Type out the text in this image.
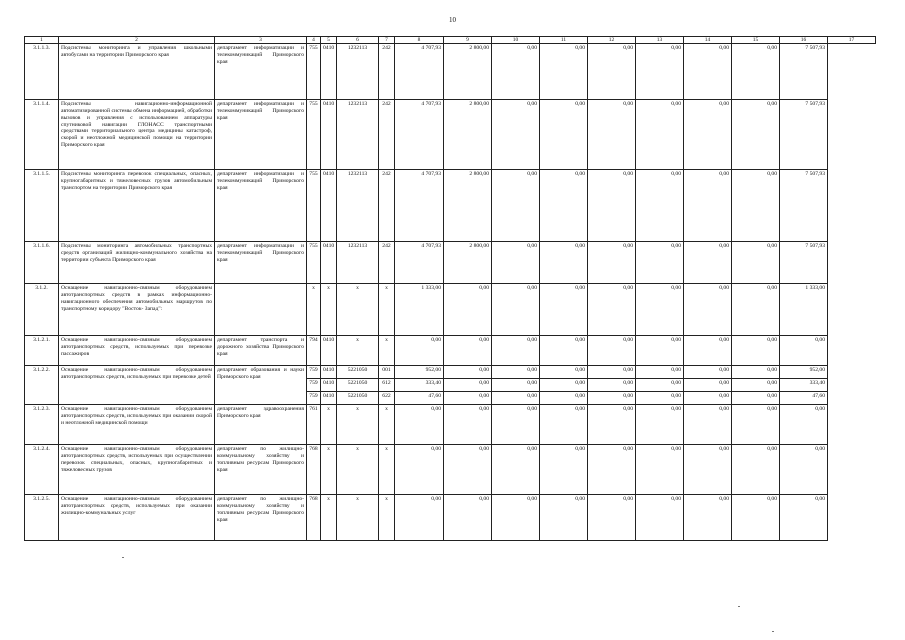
10
1	2	3	4	5	6	7	8	9	10	11	12	13	14	15	16	17
3.1.1.3.	Подсистемы мониторинга и управления школьными автобусами на территории Приморского края	департамент информатизации и телекоммуникаций Приморского края	755	0410	1232113	242	4 707,93	2 800,00	0,00	0,00	0,00	0,00	0,00	0,00	7 507,93	
3.1.1.4.	Подсистемы навигационно-информационной автоматизированной системы обмена информацией, обработки вызовов и управления с использованием аппаратуры спутниковой навигации ГЛОНАСС транспортными средствами территориального центра медицины катастроф, скорой и неотложной медицинской помощи на территории Приморского края	департамент информатизации и телекоммуникаций Приморского края	755	0410	1232113	242	4 707,93	2 800,00	0,00	0,00	0,00	0,00	0,00	0,00	7 507,93	
3.1.1.5.	Подсистемы мониторинга перевозок специальных, опасных, крупногабаритных и тяжеловесных грузов автомобильным транспортом на территории Приморского края	департамент информатизации и телекоммуникаций Приморского края	755	0410	1232113	242	4 707,93	2 800,00	0,00	0,00	0,00	0,00	0,00	0,00	7 507,93	
3.1.1.6.	Подсистемы мониторинга автомобильных транспортных средств организаций жилищно-коммунального хозяйства на территории субъекта Приморского края	департамент информатизации и телекоммуникаций Приморского края	755	0410	1232113	242	4 707,93	2 800,00	0,00	0,00	0,00	0,00	0,00	0,00	7 507,93	
3.1.2.	Оснащение навигационно-связным оборудованием автотранспортных средств в рамках информационно- навигационного обеспечения автомобильных маршрутов по транспортному коридору "Восток- Запад":		x	x	x	x	1 333,00	0,00	0,00	0,00	0,00	0,00	0,00	0,00	1 333,00	
3.1.2.1.	Оснащение навигационно-связным оборудованием автотранспортных средств, используемых при перевозке пассажиров	департамент транспорта и дорожного хозяйства Приморского края	794	0410	x	x	0,00	0,00	0,00	0,00	0,00	0,00	0,00	0,00	0,00	
3.1.2.2.	Оснащение навигационно-связным оборудованием автотранспортных средств, используемых при перевозке детей	департамент образования и науки Приморского края	759	0410	5221050	001	952,00	0,00	0,00	0,00	0,00	0,00	0,00	0,00	952,00	
			759	0410	5221050	612	333,40	0,00	0,00	0,00	0,00	0,00	0,00	0,00	333,40	
			759	0410	5221050	622	47,60	0,00	0,00	0,00	0,00	0,00	0,00	0,00	47,60	
3.1.2.3.	Оснащение навигационно-связным оборудованием автотранспортных средств, используемых при оказании скорой и неотложной медицинской помощи	департамент здравоохранения Приморского края	761	x	x	x	0,00	0,00	0,00	0,00	0,00	0,00	0,00	0,00	0,00	
3.1.2.4.	Оснащение навигационно-связным оборудованием автотранспортных средств, используемых при осуществлении перевозок специальных, опасных, крупногабаритных и тяжеловесных грузов	департамент по жилищно-коммунальному хозяйству и топливным ресурсам Приморского края	768	x	x	x	0,00	0,00	0,00	0,00	0,00	0,00	0,00	0,00	0,00	
3.1.2.5.	Оснащение навигационно-связным оборудованием автотранспортных средств, используемых при оказании жилищно-коммунальных услуг	департамент по жилищно-коммунальному хозяйству и топливным ресурсам Приморского края	768	x	x	x	0,00	0,00	0,00	0,00	0,00	0,00	0,00	0,00	0,00	
